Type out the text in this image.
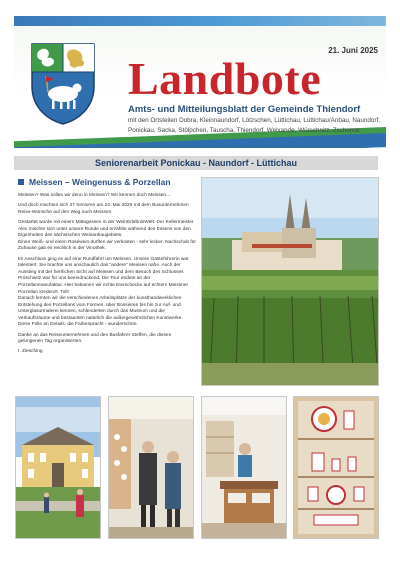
21. Juni 2025
Landbote
Amts- und Mitteilungsblatt der Gemeinde Thiendorf
mit den Ortsteilen Dobra, Kleinnaundorf, Lötzschen, Lüttichau, Lüttichau/Anbau, Naundorf, Ponickau, Sacka, Stölpchen, Tauscha, Thiendorf, Welxande, Würschnitz, Zschorna
Seniorenarbeit Ponickau - Naundorf - Lüttichau
Meissen – Weingenuss & Porzellan

Meissen? Was sollen wir denn in Meissen? Wir kennen doch Meissen…

Und doch machten sich 37 Senioren am 22. Mai 2025 mit dem Busunternehmen Reise-Wünsche auf den Weg nach Meissen.

Gestartet wurde mit einem Mittagessen in der WeinErlebnisWelt. Der Kellermeister Alex mischte sich unter unsere Runde und erzählte während des Essens von den Eigenheiten des sächsischen Weinanbaugebiets.
Einen Weiß- und einen Roséwein durften wir verkosten - sehr lecker. Nachschub für Zuhause gab es reichlich in der Vinothek.

Im Anschluss ging es auf eine Rundfahrt um Meissen. Unsere Gästeführerin war talentiert. Sie brachte uns anschaulich das "andere" Meissen nahe. Auch der Ausstieg mit der herrlichen Sicht auf Meissen und dem Besuch des Schlosses Proschwitz war für uns beeindruckend. Die Tour endete an der Porzellanmanufaktur. Hier bekamen wir echte Eierschecke auf echtem Meissner Porzellan kredenzt. Toll!
Danach lernten wir die verschiedenen Arbeitsplätze der kunsthandwerklichen Entstehung des Porzellans vom Formen, über Bossieren bis hin zur Auf- und Unterglasurmalerei kennen, schlenderten durch das Museum und die Verkaufsräume und bestaunten natürlich die außergewöhnlichen Kunstwerke. Diese Fülle an Details, die Farbenpracht - wunderschön.

Danke an das Reiseunternehmen und den Busfahrer Steffen, die diesen gelungenen Tag organisierten.

I. Ziesching
